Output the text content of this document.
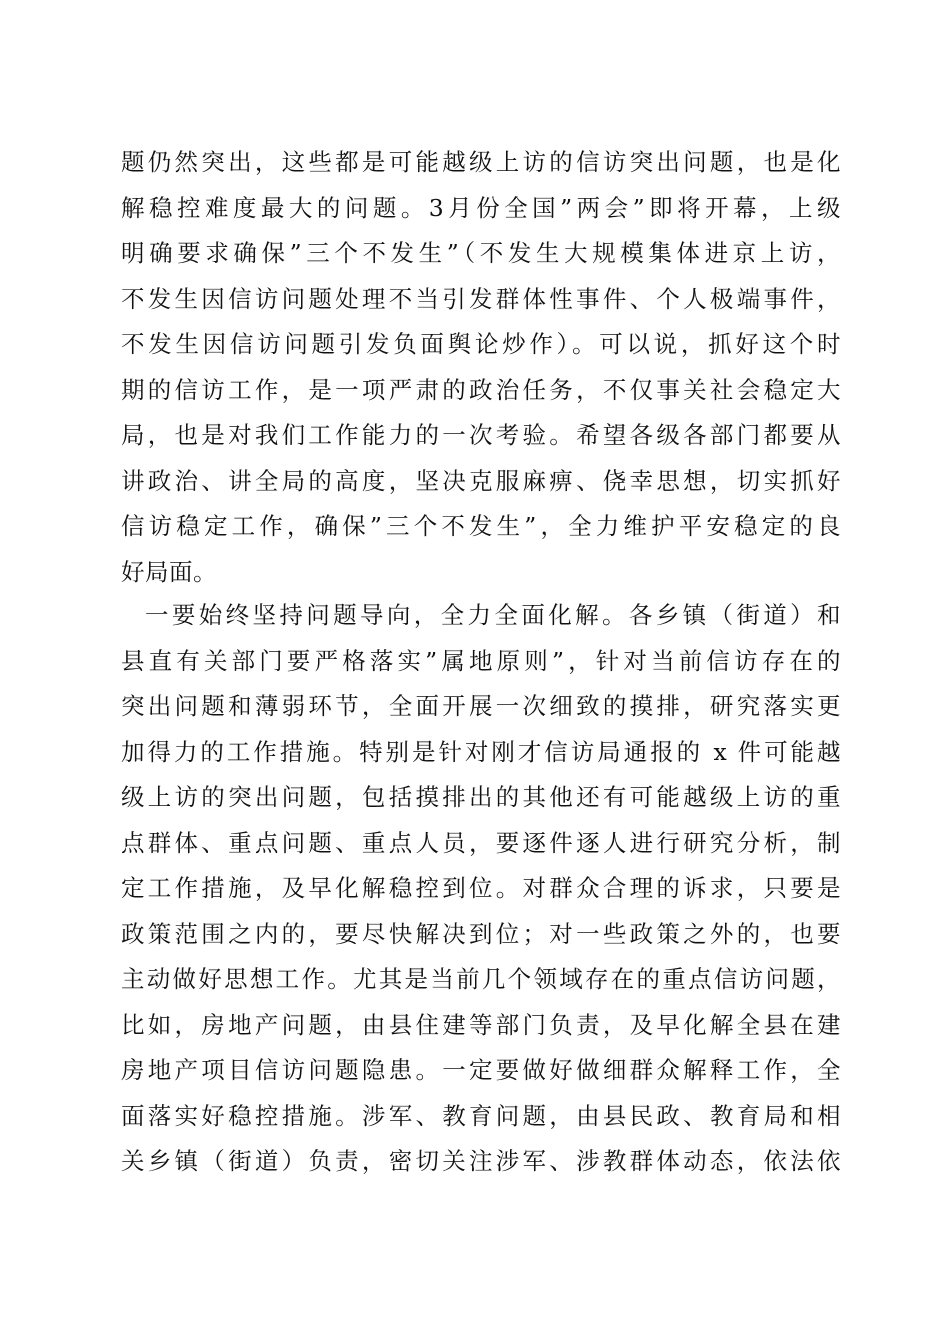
题仍然突出，这些都是可能越级上访的信访突出问题，也是化
解稳控难度最大的问题。3月份全国”两会”即将开幕，上级
明确要求确保”三个不发生”（不发生大规模集体进京上访，
不发生因信访问题处理不当引发群体性事件、个人极端事件，
不发生因信访问题引发负面舆论炒作）。可以说，抓好这个时
期的信访工作，是一项严肃的政治任务，不仅事关社会稳定大
局，也是对我们工作能力的一次考验。希望各级各部门都要从
讲政治、讲全局的高度，坚决克服麻痹、侥幸思想，切实抓好
信访稳定工作，确保”三个不发生”，全力维护平安稳定的良
好局面。
一要始终坚持问题导向，全力全面化解。各乡镇（街道）和
县直有关部门要严格落实”属地原则”，针对当前信访存在的
突出问题和薄弱环节，全面开展一次细致的摸排，研究落实更
加得力的工作措施。特别是针对刚才信访局通报的 x 件可能越
级上访的突出问题，包括摸排出的其他还有可能越级上访的重
点群体、重点问题、重点人员，要逐件逐人进行研究分析，制
定工作措施，及早化解稳控到位。对群众合理的诉求，只要是
政策范围之内的，要尽快解决到位；对一些政策之外的，也要
主动做好思想工作。尤其是当前几个领域存在的重点信访问题，
比如，房地产问题，由县住建等部门负责，及早化解全县在建
房地产项目信访问题隐患。一定要做好做细群众解释工作，全
面落实好稳控措施。涉军、教育问题，由县民政、教育局和相
关乡镇（街道）负责，密切关注涉军、涉教群体动态，依法依
